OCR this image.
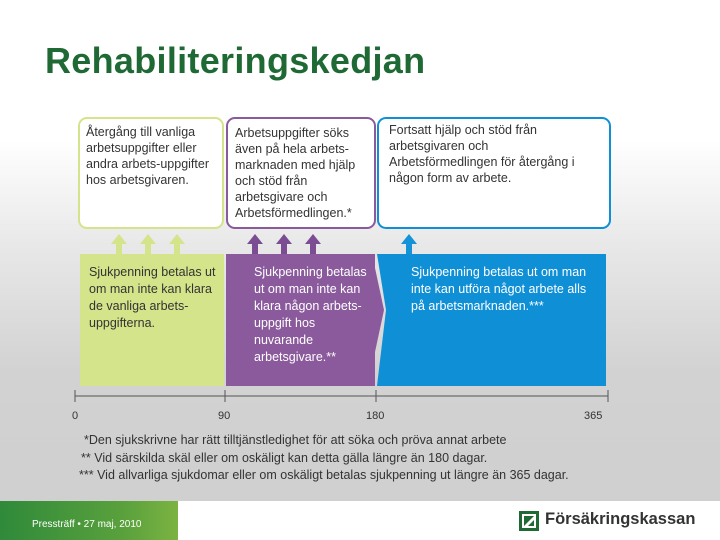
Rehabiliteringskedjan
Återgång till vanliga arbetsuppgifter eller andra arbets-uppgifter hos arbetsgivaren.
Arbetsuppgifter söks även på hela arbets-marknaden med hjälp och stöd från arbetsgivare och Arbetsförmedlingen.*
Fortsatt hjälp och stöd från arbetsgivaren och Arbetsförmedlingen för återgång i någon form av arbete.
Sjukpenning betalas ut om man inte kan klara de vanliga arbets-uppgifterna.
Sjukpenning betalas ut om man inte kan klara någon arbets-uppgift hos nuvarande arbetsgivare.**
Sjukpenning betalas ut om man inte kan utföra något arbete alls på arbetsmarknaden.***
0	90	180	365
*Den sjukskrivne har rätt tilltjänstledighet för att söka och pröva annat arbete
** Vid särskilda skäl eller om oskäligt kan detta gälla längre än 180 dagar.
*** Vid allvarliga sjukdomar eller om oskäligt betalas sjukpenning ut längre än 365 dagar.
Pressträff • 27 maj, 2010	Försäkringskassan
